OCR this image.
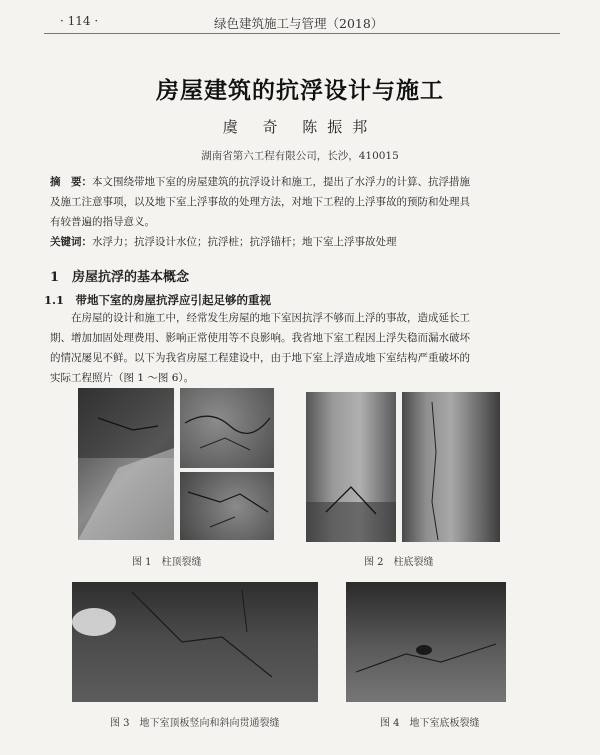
· 114 ·	绿色建筑施工与管理（2018）
房屋建筑的抗浮设计与施工
虞 奇 陈振邦
湖南省第六工程有限公司，长沙，410015
摘　要：本文围绕带地下室的房屋建筑的抗浮设计和施工，提出了水浮力的计算、抗浮措施
及施工注意事项，以及地下室上浮事故的处理方法，对地下工程的上浮事故的预防和处理具
有较普遍的指导意义。
关键词：水浮力；抗浮设计水位；抗浮桩；抗浮锚杆；地下室上浮事故处理
1　房屋抗浮的基本概念
1.1　带地下室的房屋抗浮应引起足够的重视
在房屋的设计和施工中，经常发生房屋的地下室因抗浮不够而上浮的事故，造成延长工
期、增加加固处理费用、影响正常使用等不良影响。我省地下室工程因上浮失稳而漏水破坏
的情况屡见不鲜。以下为我省房屋工程建设中，由于地下室上浮造成地下室结构严重破坏的
实际工程照片（图 1 ～图 6）。
图 1　柱顶裂缝	图 2　柱底裂缝
图 3　地下室顶板竖向和斜向贯通裂缝	图 4　地下室底板裂缝
